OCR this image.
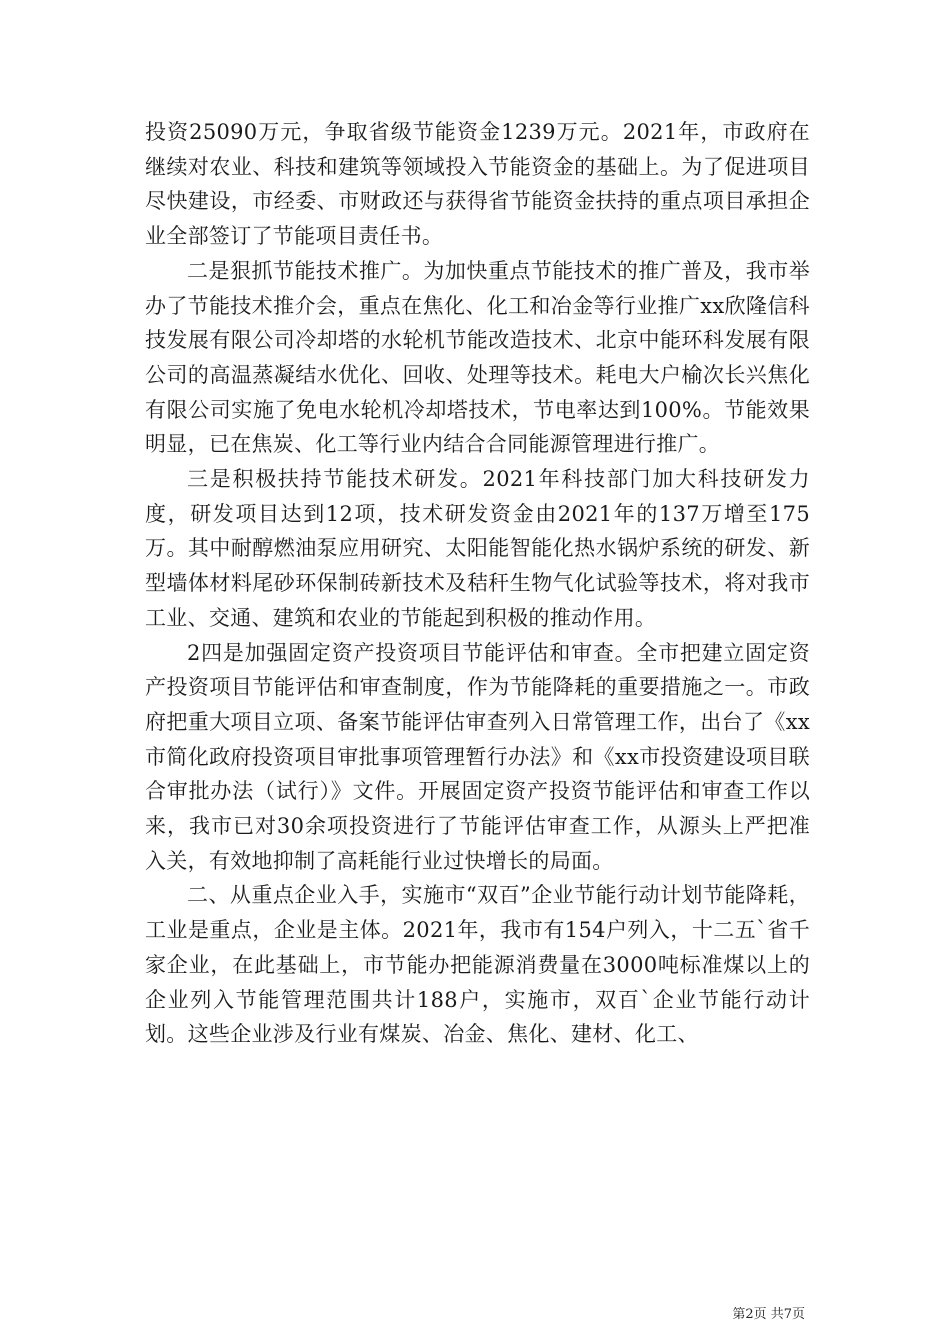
投资25090万元，争取省级节能资金1239万元。2021年，市政府在继续对农业、科技和建筑等领域投入节能资金的基础上。为了促进项目尽快建设，市经委、市财政还与获得省节能资金扶持的重点项目承担企业全部签订了节能项目责任书。

二是狠抓节能技术推广。为加快重点节能技术的推广普及，我市举办了节能技术推介会，重点在焦化、化工和冶金等行业推广xx欣隆信科技发展有限公司冷却塔的水轮机节能改造技术、北京中能环科发展有限公司的高温蒸凝结水优化、回收、处理等技术。耗电大户榆次长兴焦化有限公司实施了免电水轮机冷却塔技术，节电率达到100%。节能效果明显，已在焦炭、化工等行业内结合合同能源管理进行推广。

三是积极扶持节能技术研发。2021年科技部门加大科技研发力度，研发项目达到12项，技术研发资金由2021年的137万增至175万。其中耐醇燃油泵应用研究、太阳能智能化热水锅炉系统的研发、新型墙体材料尾砂环保制砖新技术及秸秆生物气化试验等技术，将对我市工业、交通、建筑和农业的节能起到积极的推动作用。

2四是加强固定资产投资项目节能评估和审查。全市把建立固定资产投资项目节能评估和审查制度，作为节能降耗的重要措施之一。市政府把重大项目立项、备案节能评估审查列入日常管理工作，出台了《xx市简化政府投资项目审批事项管理暂行办法》和《xx市投资建设项目联合审批办法（试行）》文件。开展固定资产投资节能评估和审查工作以来，我市已对30余项投资进行了节能评估审查工作，从源头上严把准入关，有效地抑制了高耗能行业过快增长的局面。

二、从重点企业入手，实施市“双百”企业节能行动计划节能降耗，工业是重点，企业是主体。2021年，我市有154户列入，十二五`省千家企业，在此基础上，市节能办把能源消费量在3000吨标准煤以上的企业列入节能管理范围共计188户，实施市，双百`企业节能行动计划。这些企业涉及行业有煤炭、冶金、焦化、建材、化工、

第2页 共7页
